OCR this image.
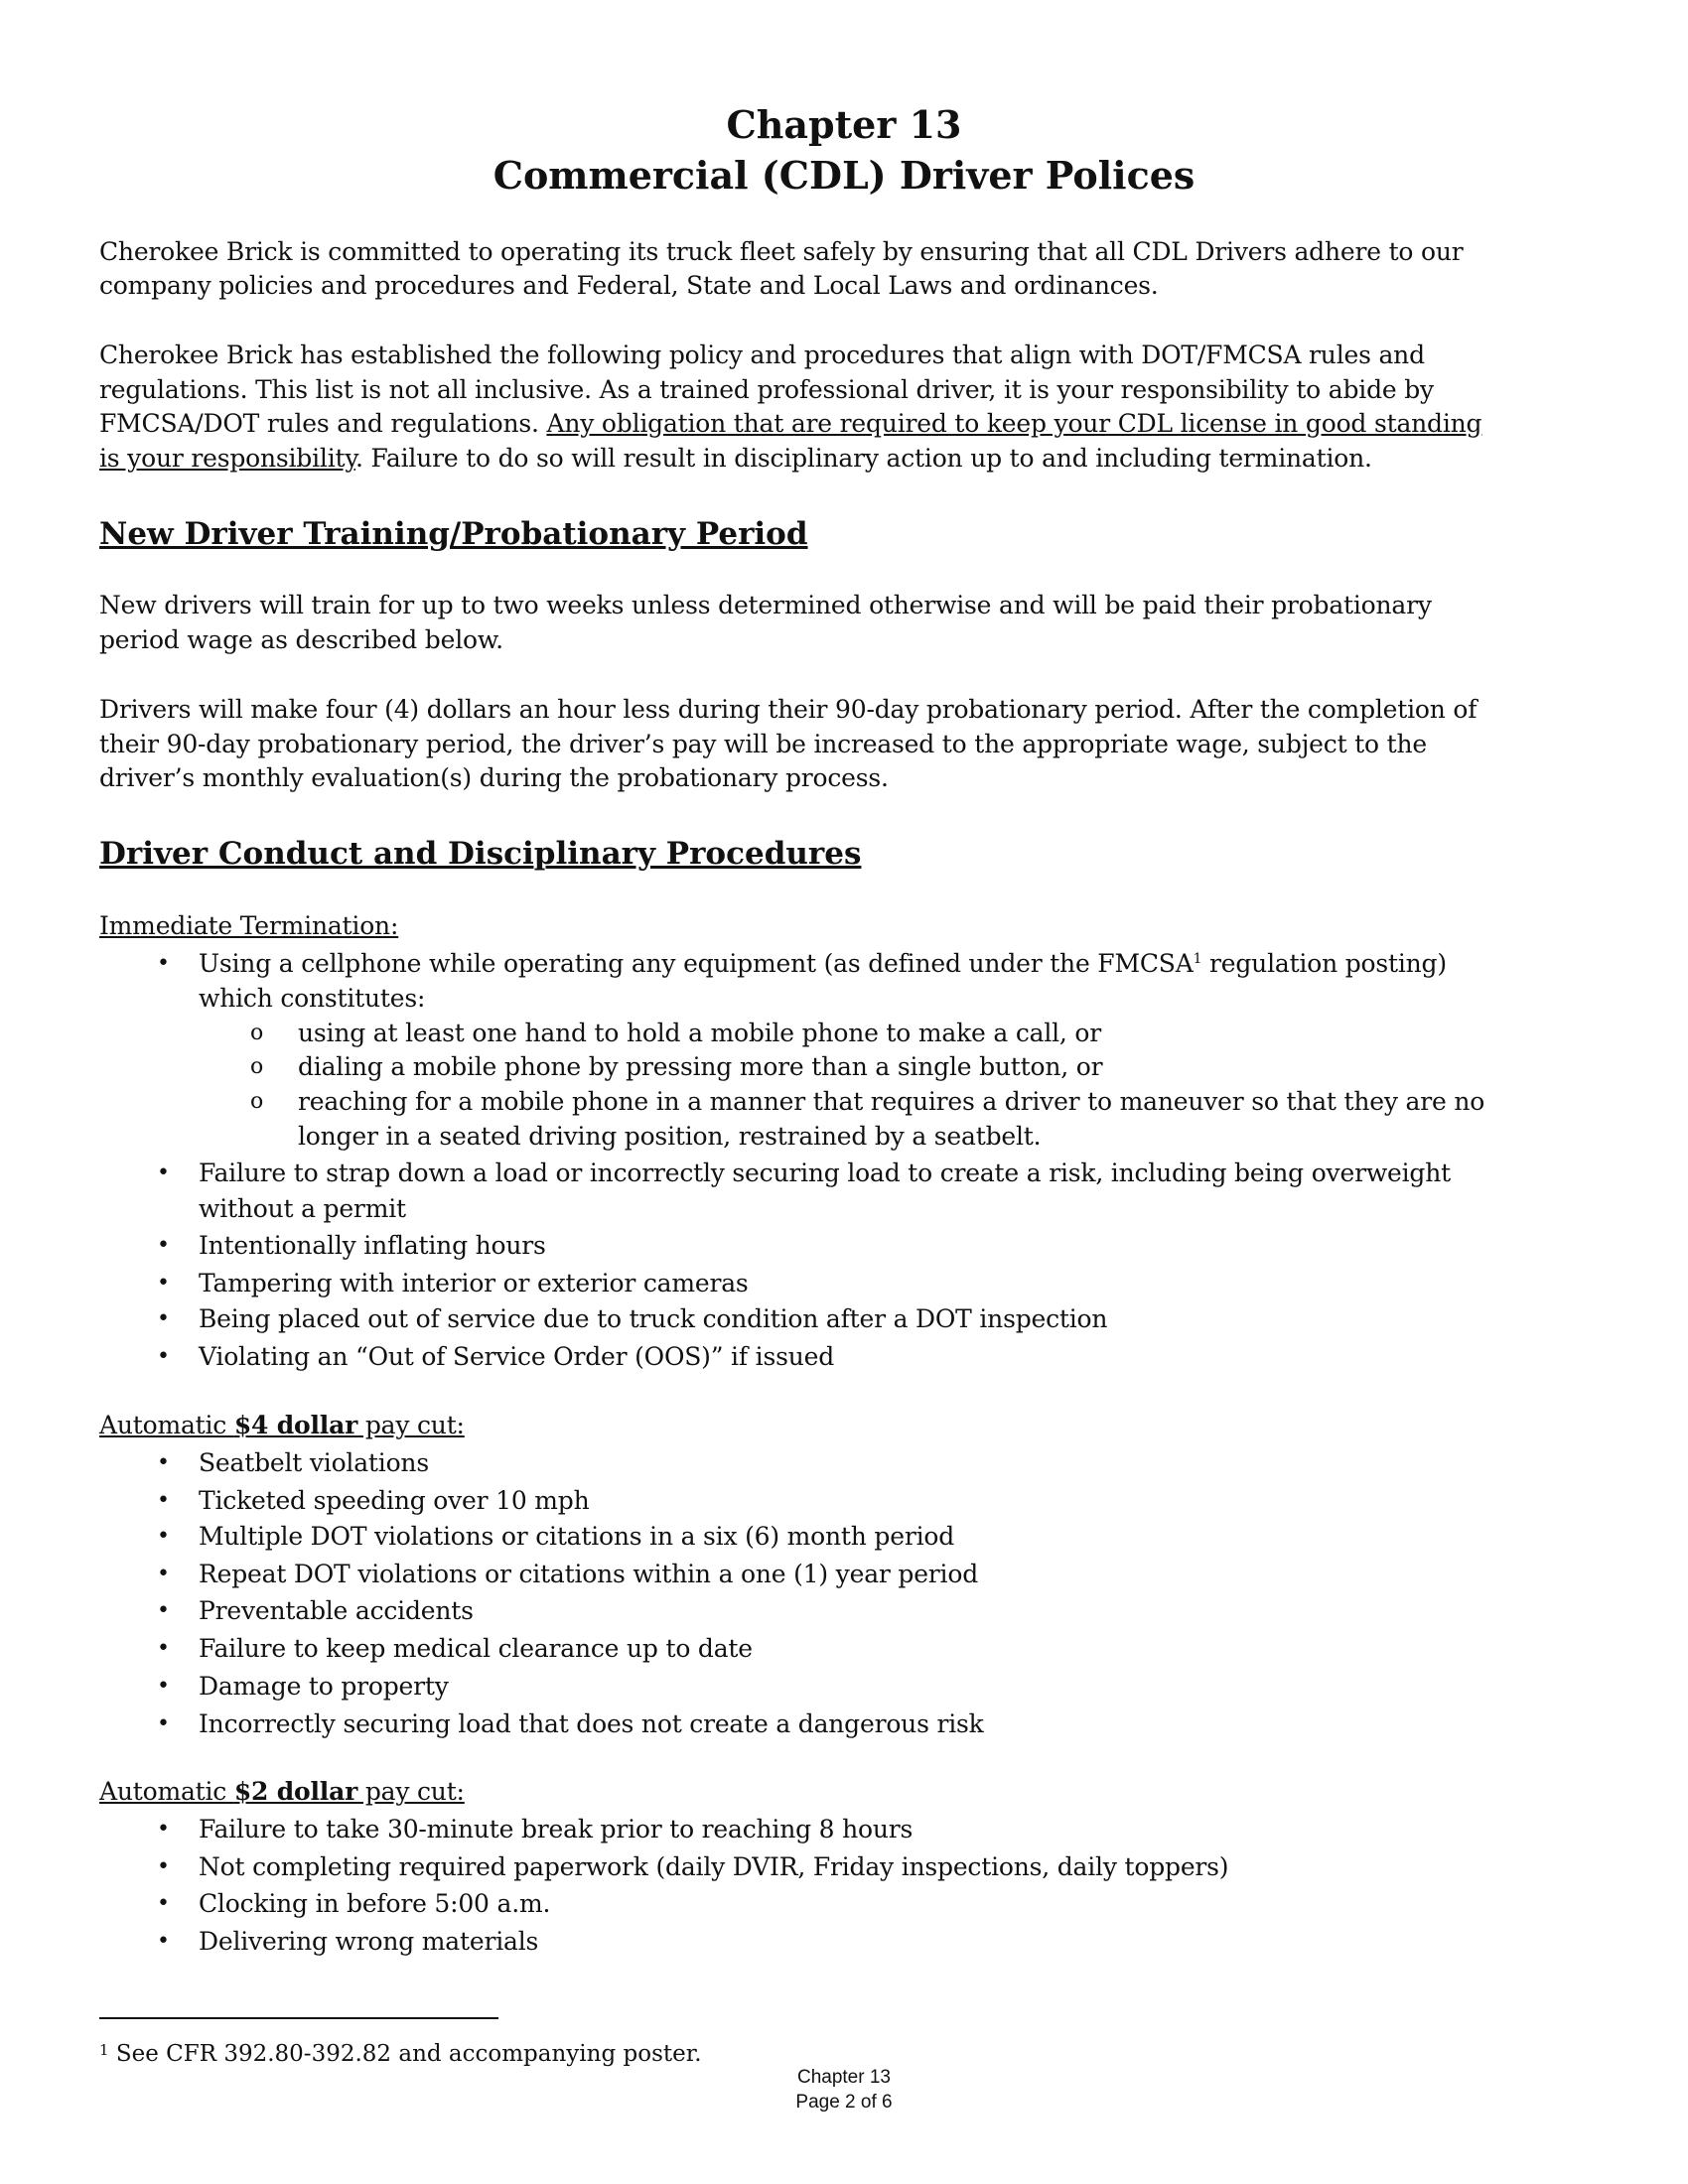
Chapter 13
Commercial (CDL) Driver Polices
Cherokee Brick is committed to operating its truck fleet safely by ensuring that all CDL Drivers adhere to our
company policies and procedures and Federal, State and Local Laws and ordinances.
Cherokee Brick has established the following policy and procedures that align with DOT/FMCSA rules and
regulations. This list is not all inclusive. As a trained professional driver, it is your responsibility to abide by
FMCSA/DOT rules and regulations. Any obligation that are required to keep your CDL license in good standing
is your responsibility. Failure to do so will result in disciplinary action up to and including termination.
New Driver Training/Probationary Period
New drivers will train for up to two weeks unless determined otherwise and will be paid their probationary
period wage as described below.
Drivers will make four (4) dollars an hour less during their 90-day probationary period. After the completion of
their 90-day probationary period, the driver’s pay will be increased to the appropriate wage, subject to the
driver’s monthly evaluation(s) during the probationary process.
Driver Conduct and Disciplinary Procedures
Immediate Termination:
• Using a cellphone while operating any equipment (as defined under the FMCSA$^1$ regulation posting)
which constitutes:
o using at least one hand to hold a mobile phone to make a call, or
o dialing a mobile phone by pressing more than a single button, or
o reaching for a mobile phone in a manner that requires a driver to maneuver so that they are no
longer in a seated driving position, restrained by a seatbelt.
• Failure to strap down a load or incorrectly securing load to create a risk, including being overweight
without a permit
• Intentionally inflating hours
• Tampering with interior or exterior cameras
• Being placed out of service due to truck condition after a DOT inspection
• Violating an “Out of Service Order (OOS)” if issued
Automatic $4 dollar pay cut:
• Seatbelt violations
• Ticketed speeding over 10 mph
• Multiple DOT violations or citations in a six (6) month period
• Repeat DOT violations or citations within a one (1) year period
• Preventable accidents
• Failure to keep medical clearance up to date
• Damage to property
• Incorrectly securing load that does not create a dangerous risk
Automatic $2 dollar pay cut:
• Failure to take 30-minute break prior to reaching 8 hours
• Not completing required paperwork (daily DVIR, Friday inspections, daily toppers)
• Clocking in before 5:00 a.m.
• Delivering wrong materials
$^1$ See CFR 392.80-392.82 and accompanying poster.
Chapter 13
Page 2 of 6
